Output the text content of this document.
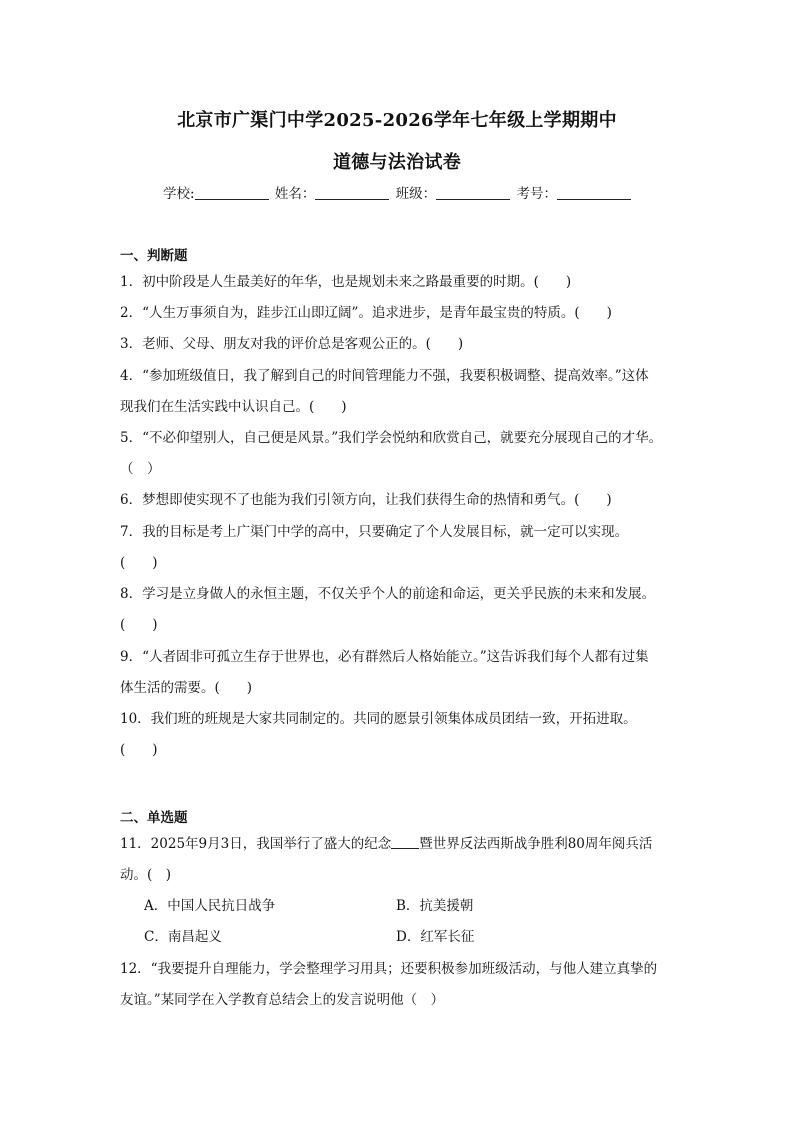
北京市广渠门中学2025-2026学年七年级上学期期中
道德与法治试卷
学校:	姓名：	班级：	考号：
一、判断题
1．初中阶段是人生最美好的年华，也是规划未来之路最重要的时期。(　　)
2．“人生万事须自为，跬步江山即辽阔”。追求进步，是青年最宝贵的特质。(　　)
3．老师、父母、朋友对我的评价总是客观公正的。(　　)
4．“参加班级值日，我了解到自己的时间管理能力不强，我要积极调整、提高效率。”这体
现我们在生活实践中认识自己。(　　)
5．“不必仰望别人，自己便是风景。”我们学会悦纳和欣赏自己，就要充分展现自己的才华。
（　）
6．梦想即使实现不了也能为我们引领方向，让我们获得生命的热情和勇气。(　　)
7．我的目标是考上广渠门中学的高中，只要确定了个人发展目标，就一定可以实现。
(　　)
8．学习是立身做人的永恒主题，不仅关乎个人的前途和命运，更关乎民族的未来和发展。
(　　)
9．“人者固非可孤立生存于世界也，必有群然后人格始能立。”这告诉我们每个人都有过集
体生活的需要。(　　)
10．我们班的班规是大家共同制定的。共同的愿景引领集体成员团结一致，开拓进取。
(　　)
二、单选题
11．2025年9月3日，我国举行了盛大的纪念 暨世界反法西斯战争胜利80周年阅兵活
动。(　)
A．中国人民抗日战争	B．抗美援朝
C．南昌起义	D．红军长征
12．“我要提升自理能力，学会整理学习用具；还要积极参加班级活动，与他人建立真挚的
友谊。”某同学在入学教育总结会上的发言说明他（　）
